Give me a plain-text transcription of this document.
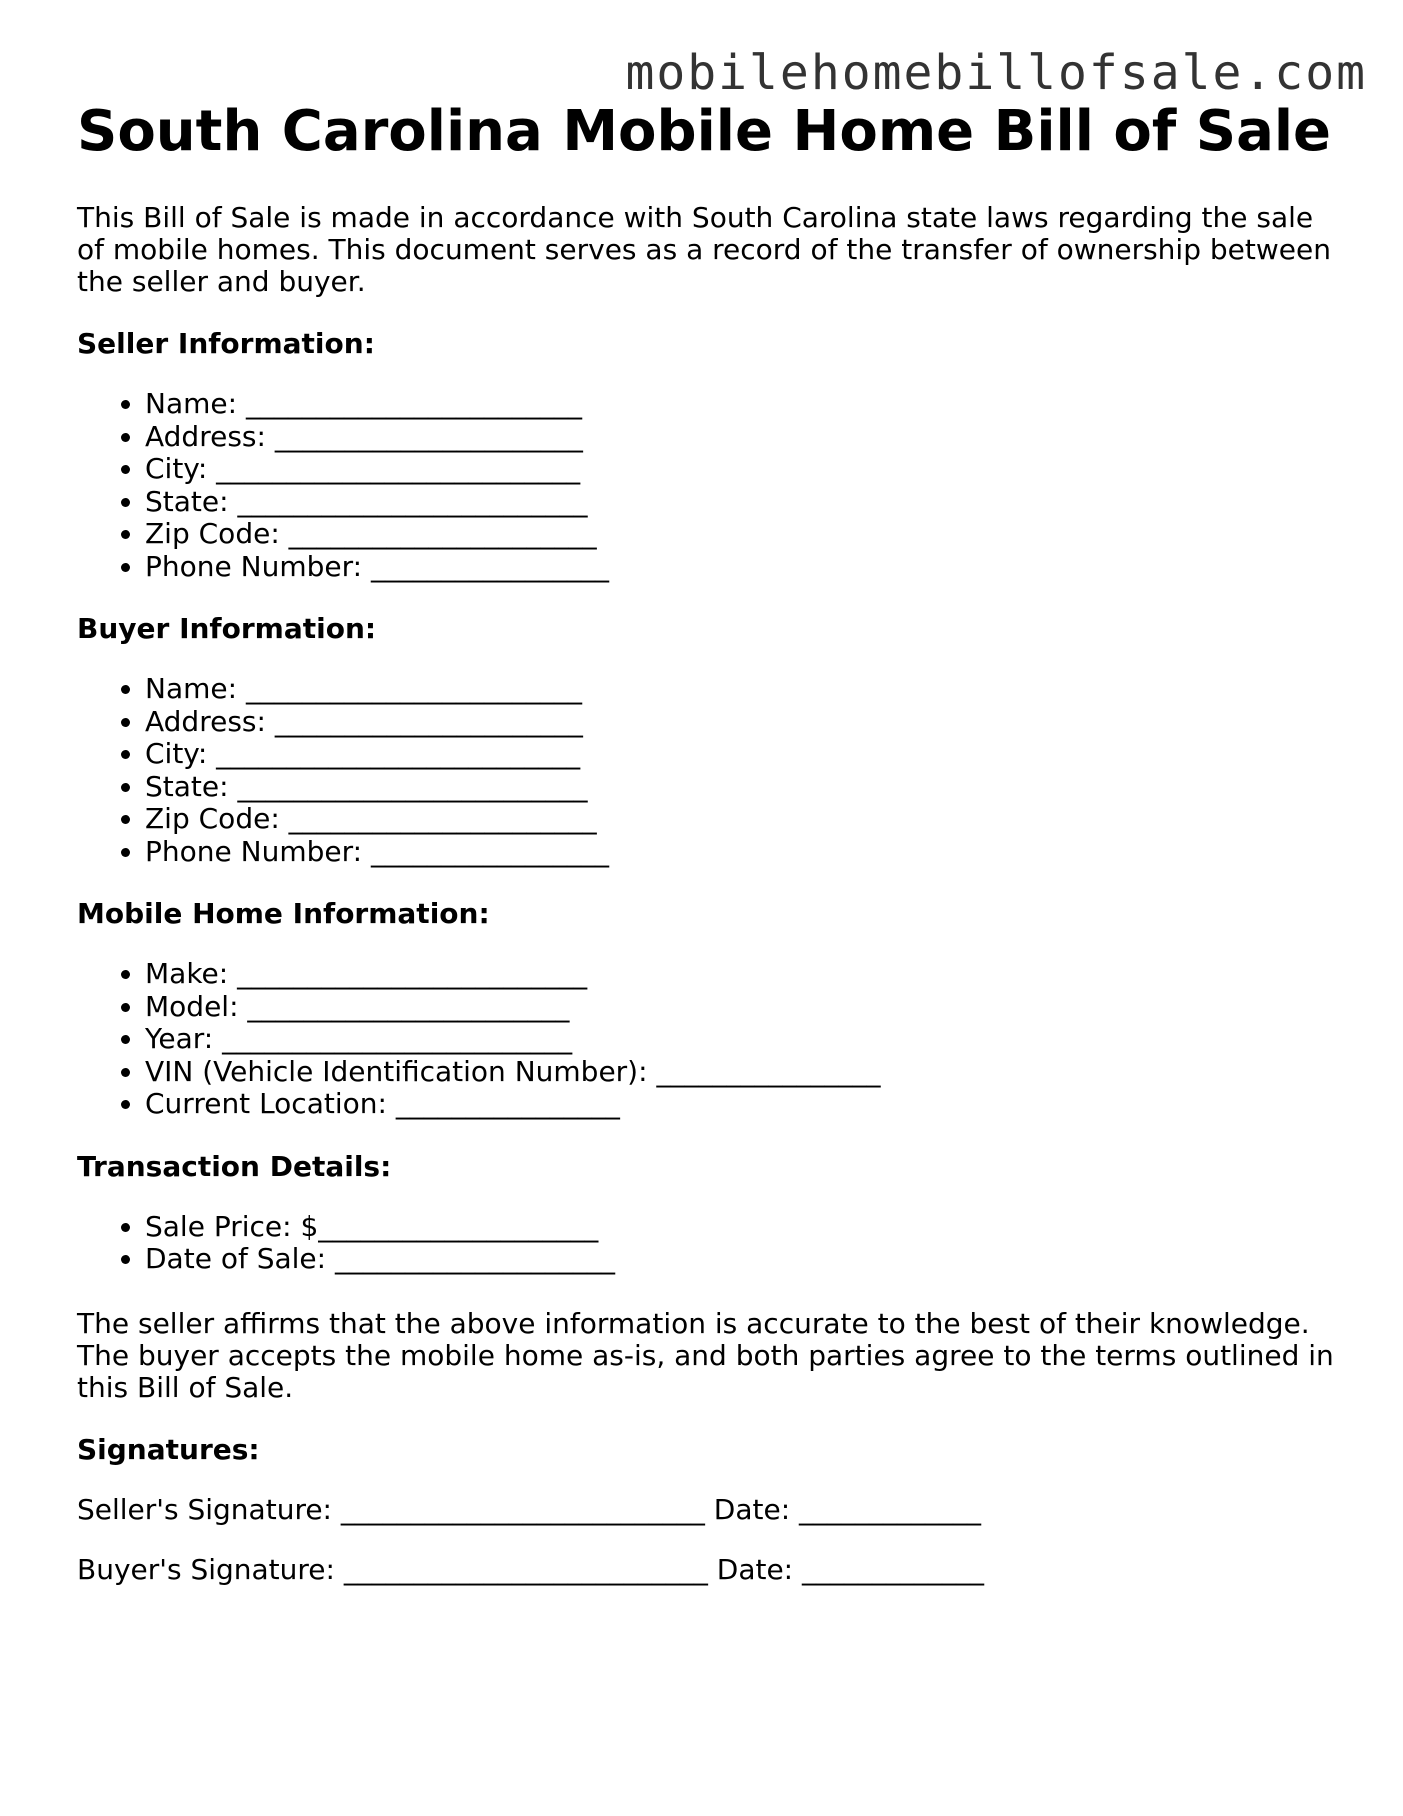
mobilehomebillofsale.com
South Carolina Mobile Home Bill of Sale

This Bill of Sale is made in accordance with South Carolina state laws regarding the sale of mobile homes. This document serves as a record of the transfer of ownership between the seller and buyer.

Seller Information:
• Name: ________________________
• Address: ______________________
• City: __________________________
• State: _________________________
• Zip Code: ______________________
• Phone Number: _________________
Buyer Information:
• Name: ________________________
• Address: ______________________
• City: __________________________
• State: _________________________
• Zip Code: ______________________
• Phone Number: _________________
Mobile Home Information:
• Make: _________________________
• Model: _______________________
• Year: _________________________
• VIN (Vehicle Identification Number): ________________
• Current Location: ________________
Transaction Details:
• Sale Price: $____________________
• Date of Sale: ____________________

The seller affirms that the above information is accurate to the best of their knowledge. The buyer accepts the mobile home as-is, and both parties agree to the terms outlined in this Bill of Sale.

Signatures:
Seller's Signature: __________________________ Date: _____________
Buyer's Signature: __________________________ Date: _____________
